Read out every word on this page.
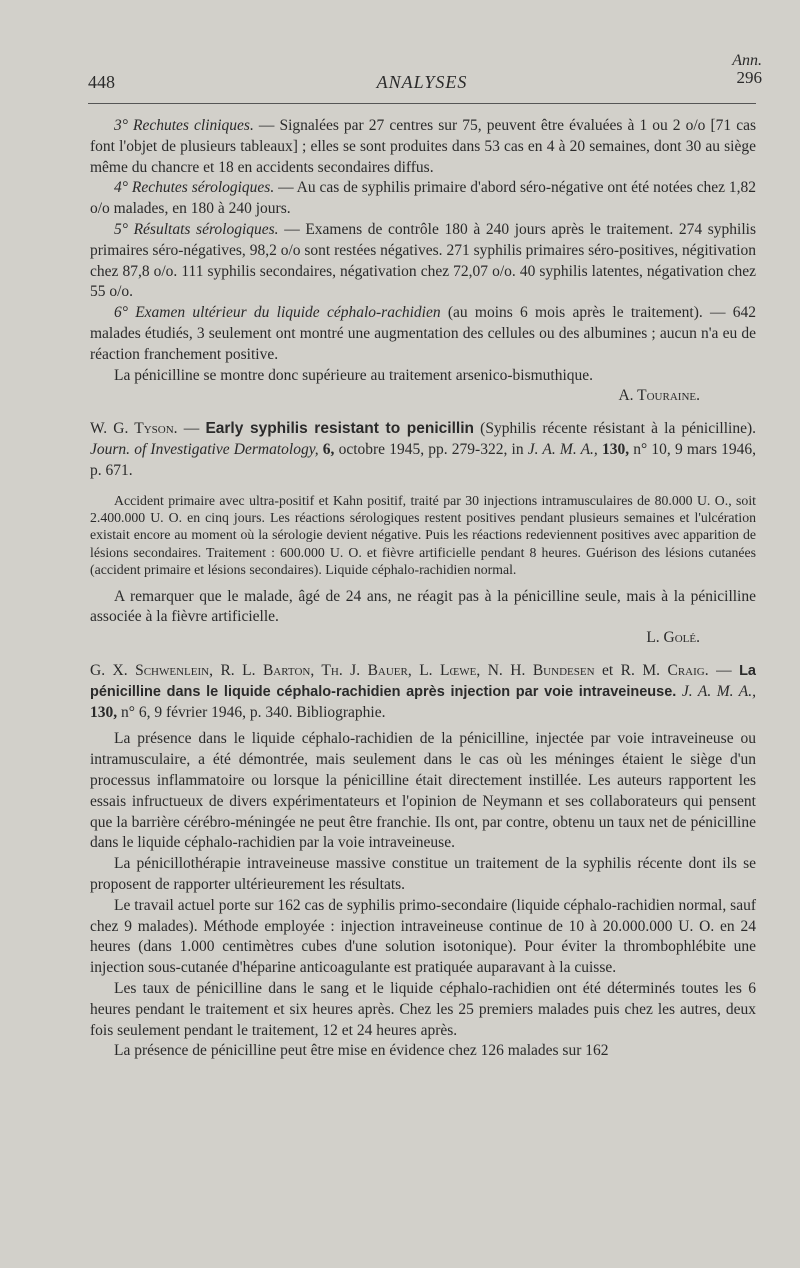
Ann.
296
448	ANALYSES

3° Rechutes cliniques. — Signalées par 27 centres sur 75, peuvent être évaluées à 1 ou 2 o/o [71 cas font l'objet de plusieurs tableaux] ; elles se sont produites dans 53 cas en 4 à 20 semaines, dont 30 au siège même du chancre et 18 en accidents secondaires diffus.

4° Rechutes sérologiques. — Au cas de syphilis primaire d'abord séro-négative ont été notées chez 1,82 o/o malades, en 180 à 240 jours.

5° Résultats sérologiques. — Examens de contrôle 180 à 240 jours après le traitement. 274 syphilis primaires séro-négatives, 98,2 o/o sont restées négatives. 271 syphilis primaires séro-positives, négitivation chez 87,8 o/o. 111 syphilis secondaires, négativation chez 72,07 o/o. 40 syphilis latentes, négativation chez 55 o/o.

6° Examen ultérieur du liquide céphalo-rachidien (au moins 6 mois après le traitement). — 642 malades étudiés, 3 seulement ont montré une augmentation des cellules ou des albumines ; aucun n'a eu de réaction franchement positive.

La pénicilline se montre donc supérieure au traitement arsenico-bismuthique.

A. Touraine.

W. G. Tyson. — Early syphilis resistant to penicillin (Syphilis récente résistant à la pénicilline). Journ. of Investigative Dermatology, 6, octobre 1945, pp. 279-322, in J. A. M. A., 130, n° 10, 9 mars 1946, p. 671.

Accident primaire avec ultra-positif et Kahn positif, traité par 30 injections intramusculaires de 80.000 U. O., soit 2.400.000 U. O. en cinq jours. Les réactions sérologiques restent positives pendant plusieurs semaines et l'ulcération existait encore au moment où la sérologie devient négative. Puis les réactions redeviennent positives avec apparition de lésions secondaires. Traitement : 600.000 U. O. et fièvre artificielle pendant 8 heures. Guérison des lésions cutanées (accident primaire et lésions secondaires). Liquide céphalo-rachidien normal.

A remarquer que le malade, âgé de 24 ans, ne réagit pas à la pénicilline seule, mais à la pénicilline associée à la fièvre artificielle.

L. Golé.

G. X. Schwenlein, R. L. Barton, Th. J. Bauer, L. Lœwe, N. H. Bundesen et R. M. Craig. — La pénicilline dans le liquide céphalo-rachidien après injection par voie intraveineuse. J. A. M. A., 130, n° 6, 9 février 1946, p. 340. Bibliographie.

La présence dans le liquide céphalo-rachidien de la pénicilline, injectée par voie intraveineuse ou intramusculaire, a été démontrée, mais seulement dans le cas où les méninges étaient le siège d'un processus inflammatoire ou lorsque la pénicilline était directement instillée. Les auteurs rapportent les essais infructueux de divers expérimentateurs et l'opinion de Neymann et ses collaborateurs qui pensent que la barrière cérébro-méningée ne peut être franchie. Ils ont, par contre, obtenu un taux net de pénicilline dans le liquide céphalo-rachidien par la voie intraveineuse.

La pénicillothérapie intraveineuse massive constitue un traitement de la syphilis récente dont ils se proposent de rapporter ultérieurement les résultats.

Le travail actuel porte sur 162 cas de syphilis primo-secondaire (liquide céphalo-rachidien normal, sauf chez 9 malades). Méthode employée : injection intraveineuse continue de 10 à 20.000.000 U. O. en 24 heures (dans 1.000 centimètres cubes d'une solution isotonique). Pour éviter la thrombophlébite une injection sous-cutanée d'héparine anticoagulante est pratiquée auparavant à la cuisse.

Les taux de pénicilline dans le sang et le liquide céphalo-rachidien ont été déterminés toutes les 6 heures pendant le traitement et six heures après. Chez les 25 premiers malades puis chez les autres, deux fois seulement pendant le traitement, 12 et 24 heures après.

La présence de pénicilline peut être mise en évidence chez 126 malades sur 162
